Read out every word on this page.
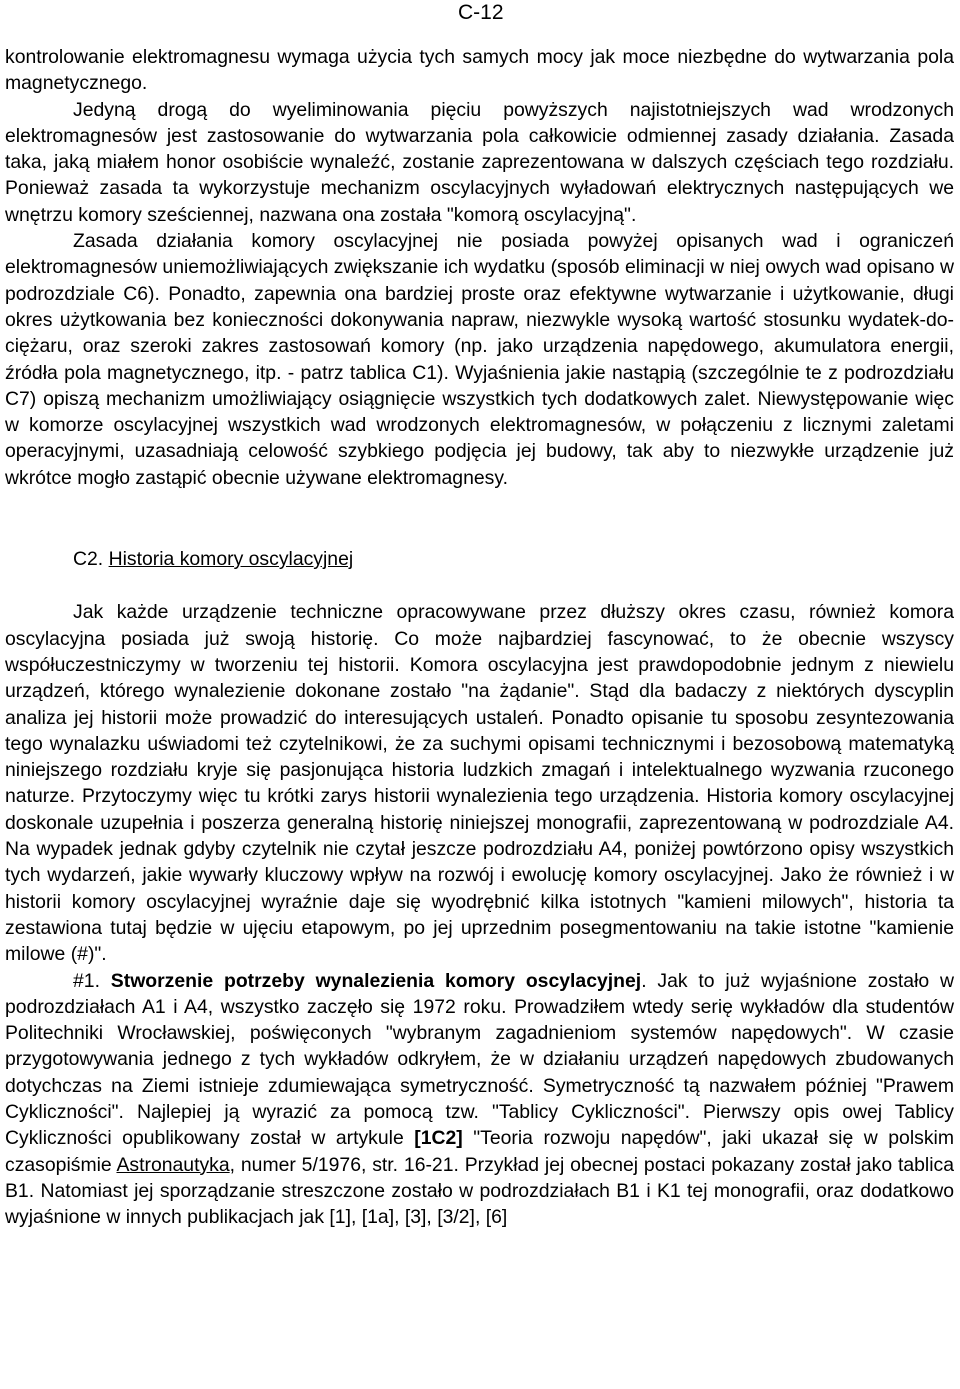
C-12

kontrolowanie elektromagnesu wymaga użycia tych samych mocy jak moce niezbędne do wytwarzania pola magnetycznego.

Jedyną drogą do wyeliminowania pięciu powyższych najistotniejszych wad wrodzonych elektromagnesów jest zastosowanie do wytwarzania pola całkowicie odmiennej zasady działania. Zasada taka, jaką miałem honor osobiście wynaleźć, zostanie zaprezentowana w dalszych częściach tego rozdziału. Ponieważ zasada ta wykorzystuje mechanizm oscylacyjnych wyładowań elektrycznych następujących we wnętrzu komory sześciennej, nazwana ona została "komorą oscylacyjną".

Zasada działania komory oscylacyjnej nie posiada powyżej opisanych wad i ograniczeń elektromagnesów uniemożliwiających zwiększanie ich wydatku (sposób eliminacji w niej owych wad opisano w podrozdziale C6). Ponadto, zapewnia ona bardziej proste oraz efektywne wytwarzanie i użytkowanie, długi okres użytkowania bez konieczności dokonywania napraw, niezwykle wysoką wartość stosunku wydatek-do-ciężaru, oraz szeroki zakres zastosowań komory (np. jako urządzenia napędowego, akumulatora energii, źródła pola magnetycznego, itp. - patrz tablica C1). Wyjaśnienia jakie nastąpią (szczególnie te z podrozdziału C7) opiszą mechanizm umożliwiający osiągnięcie wszystkich tych dodatkowych zalet. Niewystępowanie więc w komorze oscylacyjnej wszystkich wad wrodzonych elektromagnesów, w połączeniu z licznymi zaletami operacyjnymi, uzasadniają celowość szybkiego podjęcia jej budowy, tak aby to niezwykłe urządzenie już wkrótce mogło zastąpić obecnie używane elektromagnesy.

C2. Historia komory oscylacyjnej

Jak każde urządzenie techniczne opracowywane przez dłuższy okres czasu, również komora oscylacyjna posiada już swoją historię. Co może najbardziej fascynować, to że obecnie wszyscy współuczestniczymy w tworzeniu tej historii. Komora oscylacyjna jest prawdopodobnie jednym z niewielu urządzeń, którego wynalezienie dokonane zostało "na żądanie". Stąd dla badaczy z niektórych dyscyplin analiza jej historii może prowadzić do interesujących ustaleń. Ponadto opisanie tu sposobu zesyntezowania tego wynalazku uświadomi też czytelnikowi, że za suchymi opisami technicznymi i bezosobową matematyką niniejszego rozdziału kryje się pasjonująca historia ludzkich zmagań i intelektualnego wyzwania rzuconego naturze. Przytoczymy więc tu krótki zarys historii wynalezienia tego urządzenia. Historia komory oscylacyjnej doskonale uzupełnia i poszerza generalną historię niniejszej monografii, zaprezentowaną w podrozdziale A4. Na wypadek jednak gdyby czytelnik nie czytał jeszcze podrozdziału A4, poniżej powtórzono opisy wszystkich tych wydarzeń, jakie wywarły kluczowy wpływ na rozwój i ewolucję komory oscylacyjnej. Jako że również i w historii komory oscylacyjnej wyraźnie daje się wyodrębnić kilka istotnych "kamieni milowych", historia ta zestawiona tutaj będzie w ujęciu etapowym, po jej uprzednim posegmentowaniu na takie istotne "kamienie milowe (#)".

#1. Stworzenie potrzeby wynalezienia komory oscylacyjnej. Jak to już wyjaśnione zostało w podrozdziałach A1 i A4, wszystko zaczęło się 1972 roku. Prowadziłem wtedy serię wykładów dla studentów Politechniki Wrocławskiej, poświęconych "wybranym zagadnieniom systemów napędowych". W czasie przygotowywania jednego z tych wykładów odkryłem, że w działaniu urządzeń napędowych zbudowanych dotychczas na Ziemi istnieje zdumiewająca symetryczność. Symetryczność tą nazwałem później "Prawem Cykliczności". Najlepiej ją wyrazić za pomocą tzw. "Tablicy Cykliczności". Pierwszy opis owej Tablicy Cykliczności opublikowany został w artykule [1C2] "Teoria rozwoju napędów", jaki ukazał się w polskim czasopiśmie Astronautyka, numer 5/1976, str. 16-21. Przykład jej obecnej postaci pokazany został jako tablica B1. Natomiast jej sporządzanie streszczone zostało w podrozdziałach B1 i K1 tej monografii, oraz dodatkowo wyjaśnione w innych publikacjach jak [1], [1a], [3], [3/2], [6]
